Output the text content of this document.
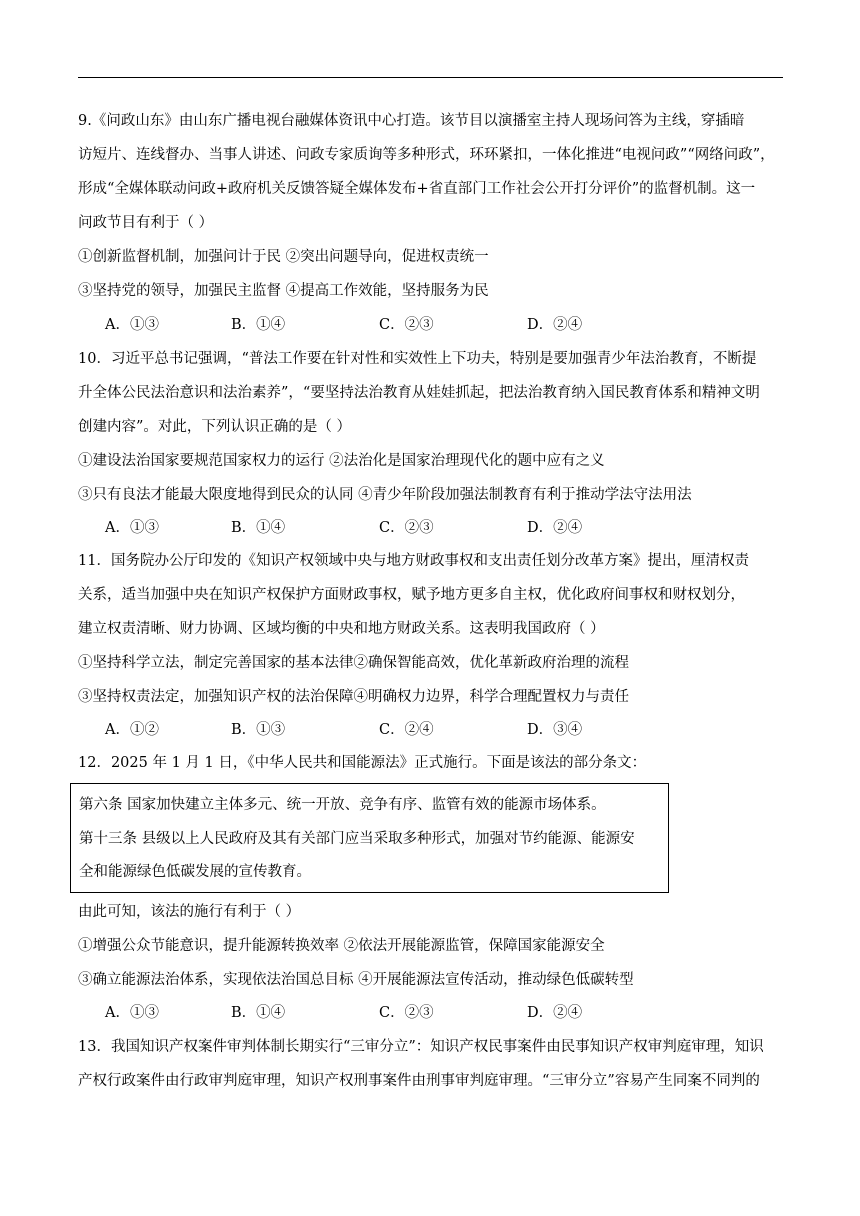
9.《问政山东》由山东广播电视台融媒体资讯中心打造。该节目以演播室主持人现场问答为主线，穿插暗
访短片、连线督办、当事人讲述、问政专家质询等多种形式，环环紧扣，一体化推进“电视问政”“网络问政”，
形成“全媒体联动问政+政府机关反馈答疑全媒体发布+省直部门工作社会公开打分评价”的监督机制。这一
问政节目有利于（ ）
①创新监督机制，加强问计于民 ②突出问题导向，促进权责统一
③坚持党的领导，加强民主监督 ④提高工作效能，坚持服务为民
A．①③	B．①④	C．②③	D．②④
10．习近平总书记强调，“普法工作要在针对性和实效性上下功夫，特别是要加强青少年法治教育，不断提
升全体公民法治意识和法治素养”，“要坚持法治教育从娃娃抓起，把法治教育纳入国民教育体系和精神文明
创建内容”。对此，下列认识正确的是（ ）
①建设法治国家要规范国家权力的运行 ②法治化是国家治理现代化的题中应有之义
③只有良法才能最大限度地得到民众的认同 ④青少年阶段加强法制教育有利于推动学法守法用法
A．①③	B．①④	C．②③	D．②④
11．国务院办公厅印发的《知识产权领域中央与地方财政事权和支出责任划分改革方案》提出，厘清权责
关系，适当加强中央在知识产权保护方面财政事权，赋予地方更多自主权，优化政府间事权和财权划分，
建立权责清晰、财力协调、区域均衡的中央和地方财政关系。这表明我国政府（ ）
①坚持科学立法，制定完善国家的基本法律②确保智能高效，优化革新政府治理的流程
③坚持权责法定，加强知识产权的法治保障④明确权力边界，科学合理配置权力与责任
A．①②	B．①③	C．②④	D．③④
12．2025 年 1 月 1 日，《中华人民共和国能源法》正式施行。下面是该法的部分条文：
第六条 国家加快建立主体多元、统一开放、竞争有序、监管有效的能源市场体系。
第十三条 县级以上人民政府及其有关部门应当采取多种形式，加强对节约能源、能源安
全和能源绿色低碳发展的宣传教育。
由此可知，该法的施行有利于（ ）
①增强公众节能意识，提升能源转换效率 ②依法开展能源监管，保障国家能源安全
③确立能源法治体系，实现依法治国总目标 ④开展能源法宣传活动，推动绿色低碳转型
A．①③	B．①④	C．②③	D．②④
13．我国知识产权案件审判体制长期实行“三审分立”：知识产权民事案件由民事知识产权审判庭审理，知识
产权行政案件由行政审判庭审理，知识产权刑事案件由刑事审判庭审理。“三审分立”容易产生同案不同判的
